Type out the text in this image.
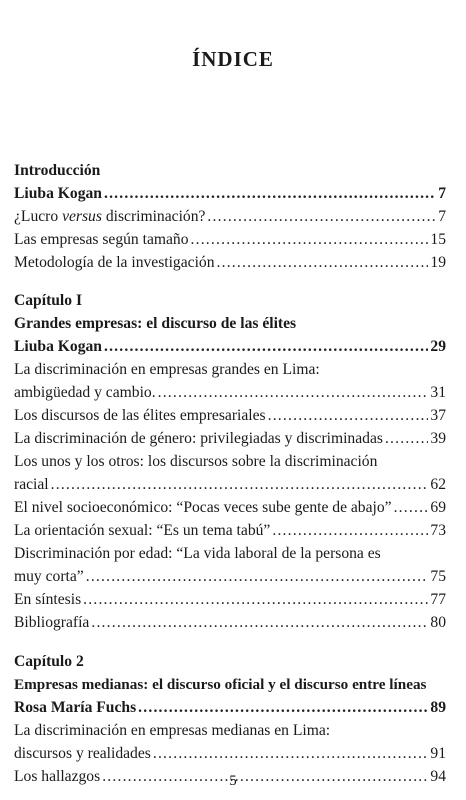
ÍNDICE
Introducción
Liuba Kogan .....	7
¿Lucro versus discriminación? .....	7
Las empresas según tamaño .....	15
Metodología de la investigación .....	19
Capítulo I
Grandes empresas: el discurso de las élites
Liuba Kogan .....	29
La discriminación en empresas grandes en Lima:
ambigüedad y cambio. .....	31
Los discursos de las élites empresariales .....	37
La discriminación de género: privilegiadas y discriminadas .....	39
Los unos y los otros: los discursos sobre la discriminación
racial .....	62
El nivel socioeconómico: “Pocas veces sube gente de abajo” ..... 69
La orientación sexual: “Es un tema tabú” .....	73
Discriminación por edad: “La vida laboral de la persona es
muy corta” .....	75
En síntesis .....	77
Bibliografía .....	80
Capítulo 2
Empresas medianas: el discurso oficial y el discurso entre líneas
Rosa María Fuchs .....	89
La discriminación en empresas medianas en Lima:
discursos y realidades .....	91
Los hallazgos .....	94
5
